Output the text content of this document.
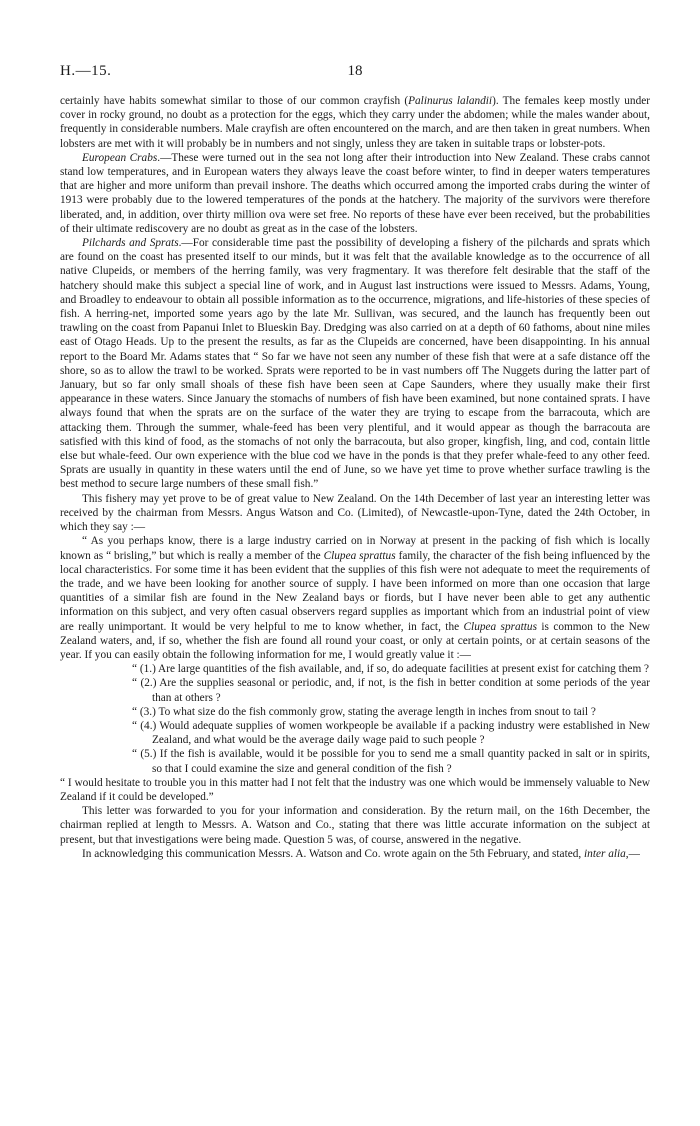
H.—15.	18

certainly have habits somewhat similar to those of our common crayfish (Palinurus lalandii). The females keep mostly under cover in rocky ground, no doubt as a protection for the eggs, which they carry under the abdomen; while the males wander about, frequently in considerable numbers. Male crayfish are often encountered on the march, and are then taken in great numbers. When lobsters are met with it will probably be in numbers and not singly, unless they are taken in suitable traps or lobster-pots.

European Crabs.—These were turned out in the sea not long after their introduction into New Zealand. These crabs cannot stand low temperatures, and in European waters they always leave the coast before winter, to find in deeper waters temperatures that are higher and more uniform than prevail inshore. The deaths which occurred among the imported crabs during the winter of 1913 were probably due to the lowered temperatures of the ponds at the hatchery. The majority of the survivors were therefore liberated, and, in addition, over thirty million ova were set free. No reports of these have ever been received, but the probabilities of their ultimate rediscovery are no doubt as great as in the case of the lobsters.

Pilchards and Sprats.—For considerable time past the possibility of developing a fishery of the pilchards and sprats which are found on the coast has presented itself to our minds, but it was felt that the available knowledge as to the occurrence of all native Clupeids, or members of the herring family, was very fragmentary. It was therefore felt desirable that the staff of the hatchery should make this subject a special line of work, and in August last instructions were issued to Messrs. Adams, Young, and Broadley to endeavour to obtain all possible information as to the occurrence, migrations, and life-histories of these species of fish. A herring-net, imported some years ago by the late Mr. Sullivan, was secured, and the launch has frequently been out trawling on the coast from Papanui Inlet to Blueskin Bay. Dredging was also carried on at a depth of 60 fathoms, about nine miles east of Otago Heads. Up to the present the results, as far as the Clupeids are concerned, have been disappointing. In his annual report to the Board Mr. Adams states that “ So far we have not seen any number of these fish that were at a safe distance off the shore, so as to allow the trawl to be worked. Sprats were reported to be in vast numbers off The Nuggets during the latter part of January, but so far only small shoals of these fish have been seen at Cape Saunders, where they usually make their first appearance in these waters. Since January the stomachs of numbers of fish have been examined, but none contained sprats. I have always found that when the sprats are on the surface of the water they are trying to escape from the barracouta, which are attacking them. Through the summer, whale-feed has been very plentiful, and it would appear as though the barracouta are satisfied with this kind of food, as the stomachs of not only the barracouta, but also groper, kingfish, ling, and cod, contain little else but whale-feed. Our own experience with the blue cod we have in the ponds is that they prefer whale-feed to any other feed. Sprats are usually in quantity in these waters until the end of June, so we have yet time to prove whether surface trawling is the best method to secure large numbers of these small fish.”

This fishery may yet prove to be of great value to New Zealand. On the 14th December of last year an interesting letter was received by the chairman from Messrs. Angus Watson and Co. (Limited), of Newcastle-upon-Tyne, dated the 24th October, in which they say :—

“ As you perhaps know, there is a large industry carried on in Norway at present in the packing of fish which is locally known as “ brisling,” but which is really a member of the Clupea sprattus family, the character of the fish being influenced by the local characteristics. For some time it has been evident that the supplies of this fish were not adequate to meet the requirements of the trade, and we have been looking for another source of supply. I have been informed on more than one occasion that large quantities of a similar fish are found in the New Zealand bays or fiords, but I have never been able to get any authentic information on this subject, and very often casual observers regard supplies as important which from an industrial point of view are really unimportant. It would be very helpful to me to know whether, in fact, the Clupea sprattus is common to the New Zealand waters, and, if so, whether the fish are found all round your coast, or only at certain points, or at certain seasons of the year. If you can easily obtain the following information for me, I would greatly value it :—

“ (1.) Are large quantities of the fish available, and, if so, do adequate facilities at present exist for catching them ?

“ (2.) Are the supplies seasonal or periodic, and, if not, is the fish in better condition at some periods of the year than at others ?

“ (3.) To what size do the fish commonly grow, stating the average length in inches from snout to tail ?

“ (4.) Would adequate supplies of women workpeople be available if a packing industry were established in New Zealand, and what would be the average daily wage paid to such people ?

“ (5.) If the fish is available, would it be possible for you to send me a small quantity packed in salt or in spirits, so that I could examine the size and general condition of the fish ?

“ I would hesitate to trouble you in this matter had I not felt that the industry was one which would be immensely valuable to New Zealand if it could be developed.”

This letter was forwarded to you for your information and consideration. By the return mail, on the 16th December, the chairman replied at length to Messrs. A. Watson and Co., stating that there was little accurate information on the subject at present, but that investigations were being made. Question 5 was, of course, answered in the negative.

In acknowledging this communication Messrs. A. Watson and Co. wrote again on the 5th February, and stated, inter alia,—
